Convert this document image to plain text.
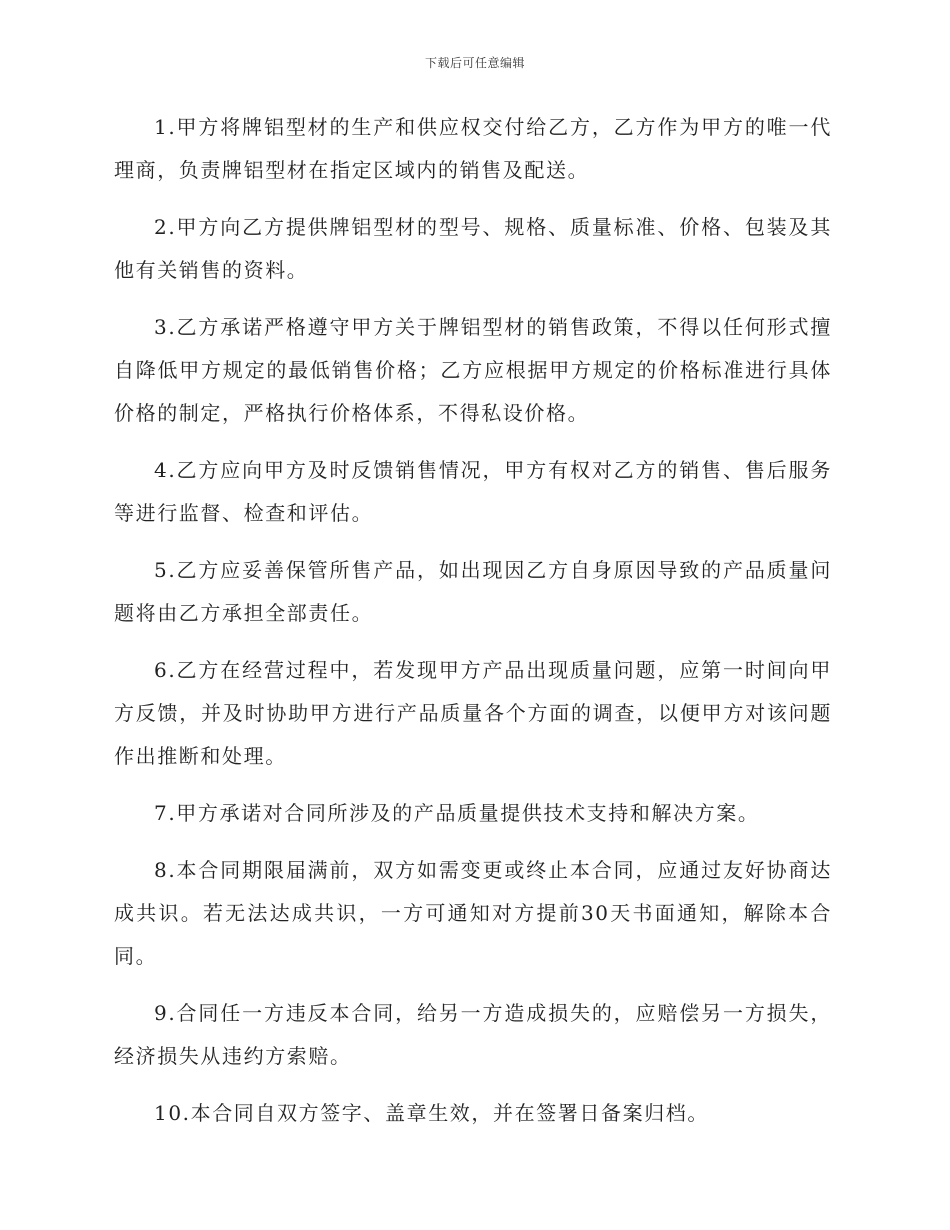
下载后可任意编辑

1.甲方将牌铝型材的生产和供应权交付给乙方，乙方作为甲方的唯一代理商，负责牌铝型材在指定区域内的销售及配送。

2.甲方向乙方提供牌铝型材的型号、规格、质量标准、价格、包装及其他有关销售的资料。

3.乙方承诺严格遵守甲方关于牌铝型材的销售政策，不得以任何形式擅自降低甲方规定的最低销售价格；乙方应根据甲方规定的价格标准进行具体价格的制定，严格执行价格体系，不得私设价格。

4.乙方应向甲方及时反馈销售情况，甲方有权对乙方的销售、售后服务等进行监督、检查和评估。

5.乙方应妥善保管所售产品，如出现因乙方自身原因导致的产品质量问题将由乙方承担全部责任。

6.乙方在经营过程中，若发现甲方产品出现质量问题，应第一时间向甲方反馈，并及时协助甲方进行产品质量各个方面的调查，以便甲方对该问题作出推断和处理。

7.甲方承诺对合同所涉及的产品质量提供技术支持和解决方案。

8.本合同期限届满前，双方如需变更或终止本合同，应通过友好协商达成共识。若无法达成共识，一方可通知对方提前30天书面通知，解除本合同。

9.合同任一方违反本合同，给另一方造成损失的，应赔偿另一方损失，经济损失从违约方索赔。

10.本合同自双方签字、盖章生效，并在签署日备案归档。
